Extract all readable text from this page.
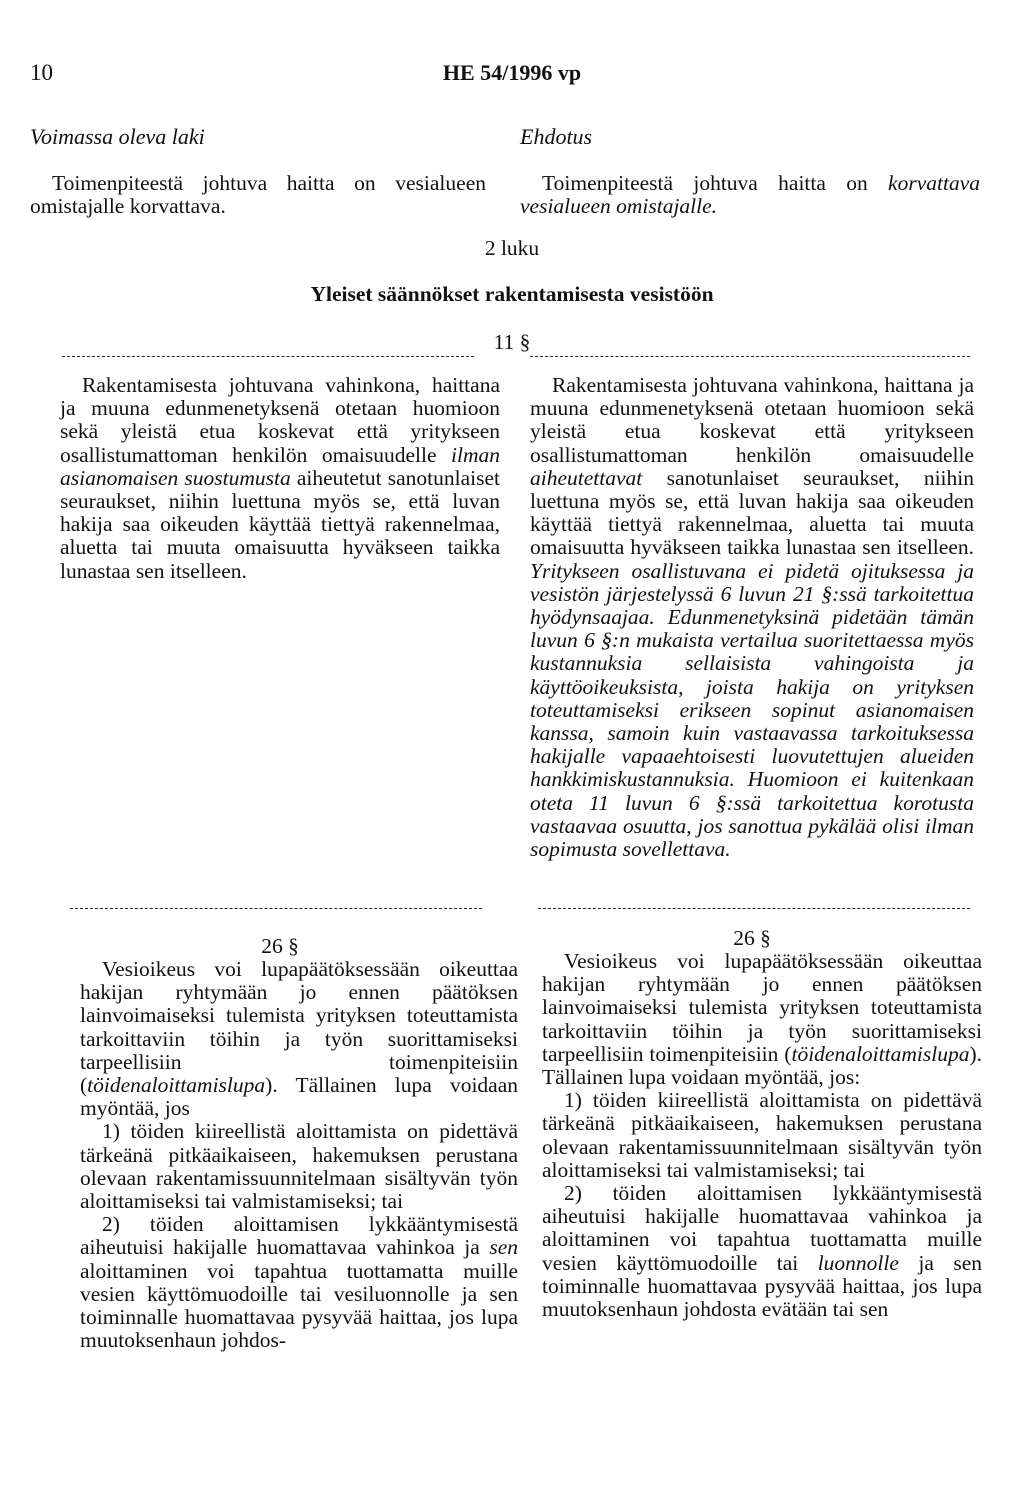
10	HE 54/1996 vp
Voimassa oleva laki	Ehdotus
Toimenpiteestä johtuva haitta on vesialueen omistajalle korvattava.
Toimenpiteestä johtuva haitta on korvattava vesialueen omistajalle.
2 luku
Yleiset säännökset rakentamisesta vesistöön
11 §
Rakentamisesta johtuvana vahinkona, haittana ja muuna edunmenetyksenä otetaan huomioon sekä yleistä etua koskevat että yritykseen osallistumattoman henkilön omaisuudelle ilman asianomaisen suostumusta aiheutetut sanotunlaiset seuraukset, niihin luettuna myös se, että luvan hakija saa oikeuden käyttää tiettyä rakennelmaa, aluetta tai muuta omaisuutta hyväkseen taikka lunastaa sen itselleen.
Rakentamisesta johtuvana vahinkona, haittana ja muuna edunmenetyksenä otetaan huomioon sekä yleistä etua koskevat että yritykseen osallistumattoman henkilön omaisuudelle aiheutettavat sanotunlaiset seuraukset, niihin luettuna myös se, että luvan hakija saa oikeuden käyttää tiettyä rakennelmaa, aluetta tai muuta omaisuutta hyväkseen taikka lunastaa sen itselleen. Yritykseen osallistuvana ei pidetä ojituksessa ja vesistön järjestelyssä 6 luvun 21 §:ssä tarkoitettua hyödynsaajaa. Edunmenetyksinä pidetään tämän luvun 6 §:n mukaista vertailua suoritettaessa myös kustannuksia sellaisista vahingoista ja käyttöoikeuksista, joista hakija on yrityksen toteuttamiseksi erikseen sopinut asianomaisen kanssa, samoin kuin vastaavassa tarkoituksessa hakijalle vapaaehtoisesti luovutettujen alueiden hankkimiskustannuksia. Huomioon ei kuitenkaan oteta 11 luvun 6 §:ssä tarkoitettua korotusta vastaavaa osuutta, jos sanottua pykälää olisi ilman sopimusta sovellettava.
26 §	26 §

Vesioikeus voi lupapäätöksessään oikeuttaa hakijan ryhtymään jo ennen päätöksen lainvoimaiseksi tulemista yrityksen toteuttamista tarkoittaviin töihin ja työn suorittamiseksi tarpeellisiin toimenpiteisiin (töidenaloittamislupa). Tällainen lupa voidaan myöntää, jos

1) töiden kiireellistä aloittamista on pidettävä tärkeänä pitkäaikaiseen, hakemuksen perustana olevaan rakentamissuunnitelmaan sisältyvän työn aloittamiseksi tai valmistamiseksi; tai

2) töiden aloittamisen lykkääntymisestä aiheutuisi hakijalle huomattavaa vahinkoa ja sen aloittaminen voi tapahtua tuottamatta muille vesien käyttömuodoille tai vesiluonnolle ja sen toiminnalle huomattavaa pysyvää haittaa, jos lupa muutoksenhaun johdos-

Vesioikeus voi lupapäätöksessään oikeuttaa hakijan ryhtymään jo ennen päätöksen lainvoimaiseksi tulemista yrityksen toteuttamista tarkoittaviin töihin ja työn suorittamiseksi tarpeellisiin toimenpiteisiin (töidenaloittamislupa). Tällainen lupa voidaan myöntää, jos:

1) töiden kiireellistä aloittamista on pidettävä tärkeänä pitkäaikaiseen, hakemuksen perustana olevaan rakentamissuunnitelmaan sisältyvän työn aloittamiseksi tai valmistamiseksi; tai

2) töiden aloittamisen lykkääntymisestä aiheutuisi hakijalle huomattavaa vahinkoa ja aloittaminen voi tapahtua tuottamatta muille vesien käyttömuodoille tai luonnolle ja sen toiminnalle huomattavaa pysyvää haittaa, jos lupa muutoksenhaun johdosta evätään tai sen
